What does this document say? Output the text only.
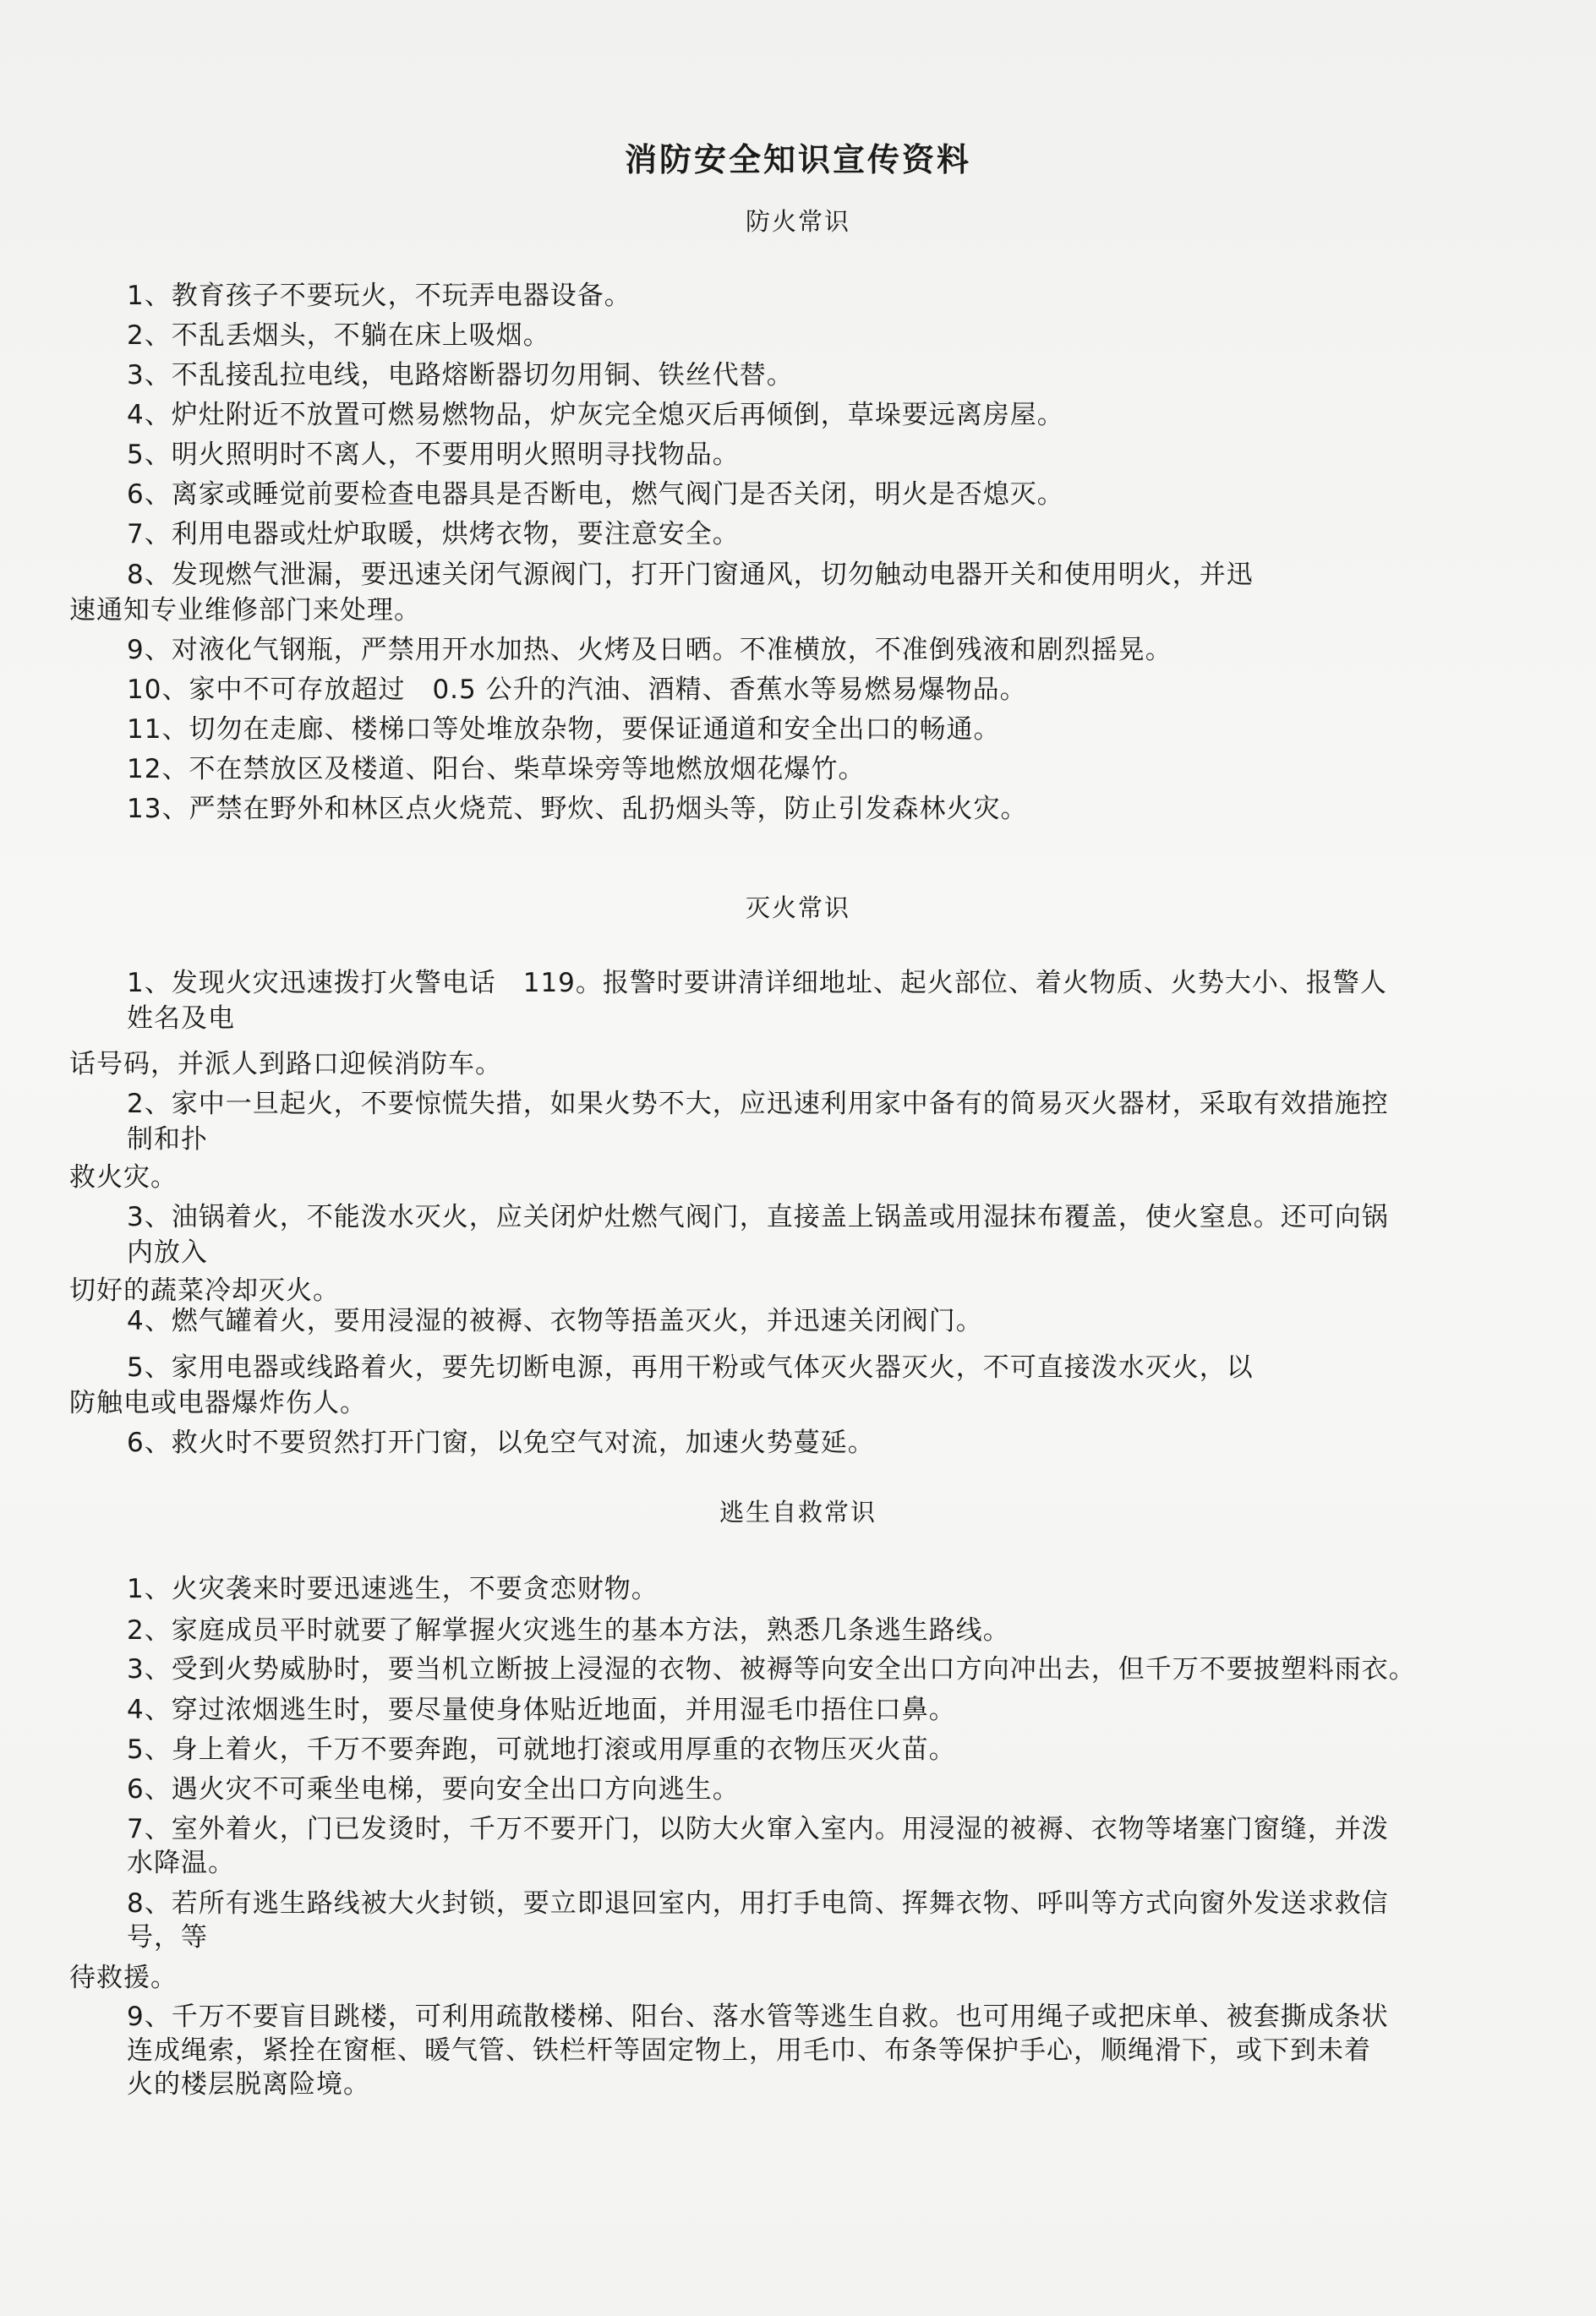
消防安全知识宣传资料
防火常识
1、教育孩子不要玩火，不玩弄电器设备。
2、不乱丢烟头，不躺在床上吸烟。
3、不乱接乱拉电线，电路熔断器切勿用铜、铁丝代替。
4、炉灶附近不放置可燃易燃物品，炉灰完全熄灭后再倾倒，草垛要远离房屋。
5、明火照明时不离人，不要用明火照明寻找物品。
6、离家或睡觉前要检查电器具是否断电，燃气阀门是否关闭，明火是否熄灭。
7、利用电器或灶炉取暖，烘烤衣物，要注意安全。
8、发现燃气泄漏，要迅速关闭气源阀门，打开门窗通风，切勿触动电器开关和使用明火，并迅
速通知专业维修部门来处理。
9、对液化气钢瓶，严禁用开水加热、火烤及日晒。不准横放，不准倒残液和剧烈摇晃。
10、家中不可存放超过　0.5 公升的汽油、酒精、香蕉水等易燃易爆物品。
11、切勿在走廊、楼梯口等处堆放杂物，要保证通道和安全出口的畅通。
12、不在禁放区及楼道、阳台、柴草垛旁等地燃放烟花爆竹。
13、严禁在野外和林区点火烧荒、野炊、乱扔烟头等，防止引发森林火灾。
灭火常识
1、发现火灾迅速拨打火警电话　119。报警时要讲清详细地址、起火部位、着火物质、火势大小、报警人
姓名及电
话号码，并派人到路口迎候消防车。
2、家中一旦起火，不要惊慌失措，如果火势不大，应迅速利用家中备有的简易灭火器材，采取有效措施控
制和扑
救火灾。
3、油锅着火，不能泼水灭火，应关闭炉灶燃气阀门，直接盖上锅盖或用湿抹布覆盖，使火窒息。还可向锅
内放入
切好的蔬菜冷却灭火。
4、燃气罐着火，要用浸湿的被褥、衣物等捂盖灭火，并迅速关闭阀门。
5、家用电器或线路着火，要先切断电源，再用干粉或气体灭火器灭火，不可直接泼水灭火，以
防触电或电器爆炸伤人。
6、救火时不要贸然打开门窗，以免空气对流，加速火势蔓延。
逃生自救常识
1、火灾袭来时要迅速逃生，不要贪恋财物。
2、家庭成员平时就要了解掌握火灾逃生的基本方法，熟悉几条逃生路线。
3、受到火势威胁时，要当机立断披上浸湿的衣物、被褥等向安全出口方向冲出去，但千万不要披塑料雨衣。
4、穿过浓烟逃生时，要尽量使身体贴近地面，并用湿毛巾捂住口鼻。
5、身上着火，千万不要奔跑，可就地打滚或用厚重的衣物压灭火苗。
6、遇火灾不可乘坐电梯，要向安全出口方向逃生。
7、室外着火，门已发烫时，千万不要开门，以防大火窜入室内。用浸湿的被褥、衣物等堵塞门窗缝，并泼
水降温。
8、若所有逃生路线被大火封锁，要立即退回室内，用打手电筒、挥舞衣物、呼叫等方式向窗外发送求救信
号，等
待救援。
9、千万不要盲目跳楼，可利用疏散楼梯、阳台、落水管等逃生自救。也可用绳子或把床单、被套撕成条状
连成绳索，紧拴在窗框、暖气管、铁栏杆等固定物上，用毛巾、布条等保护手心，顺绳滑下，或下到未着
火的楼层脱离险境。
